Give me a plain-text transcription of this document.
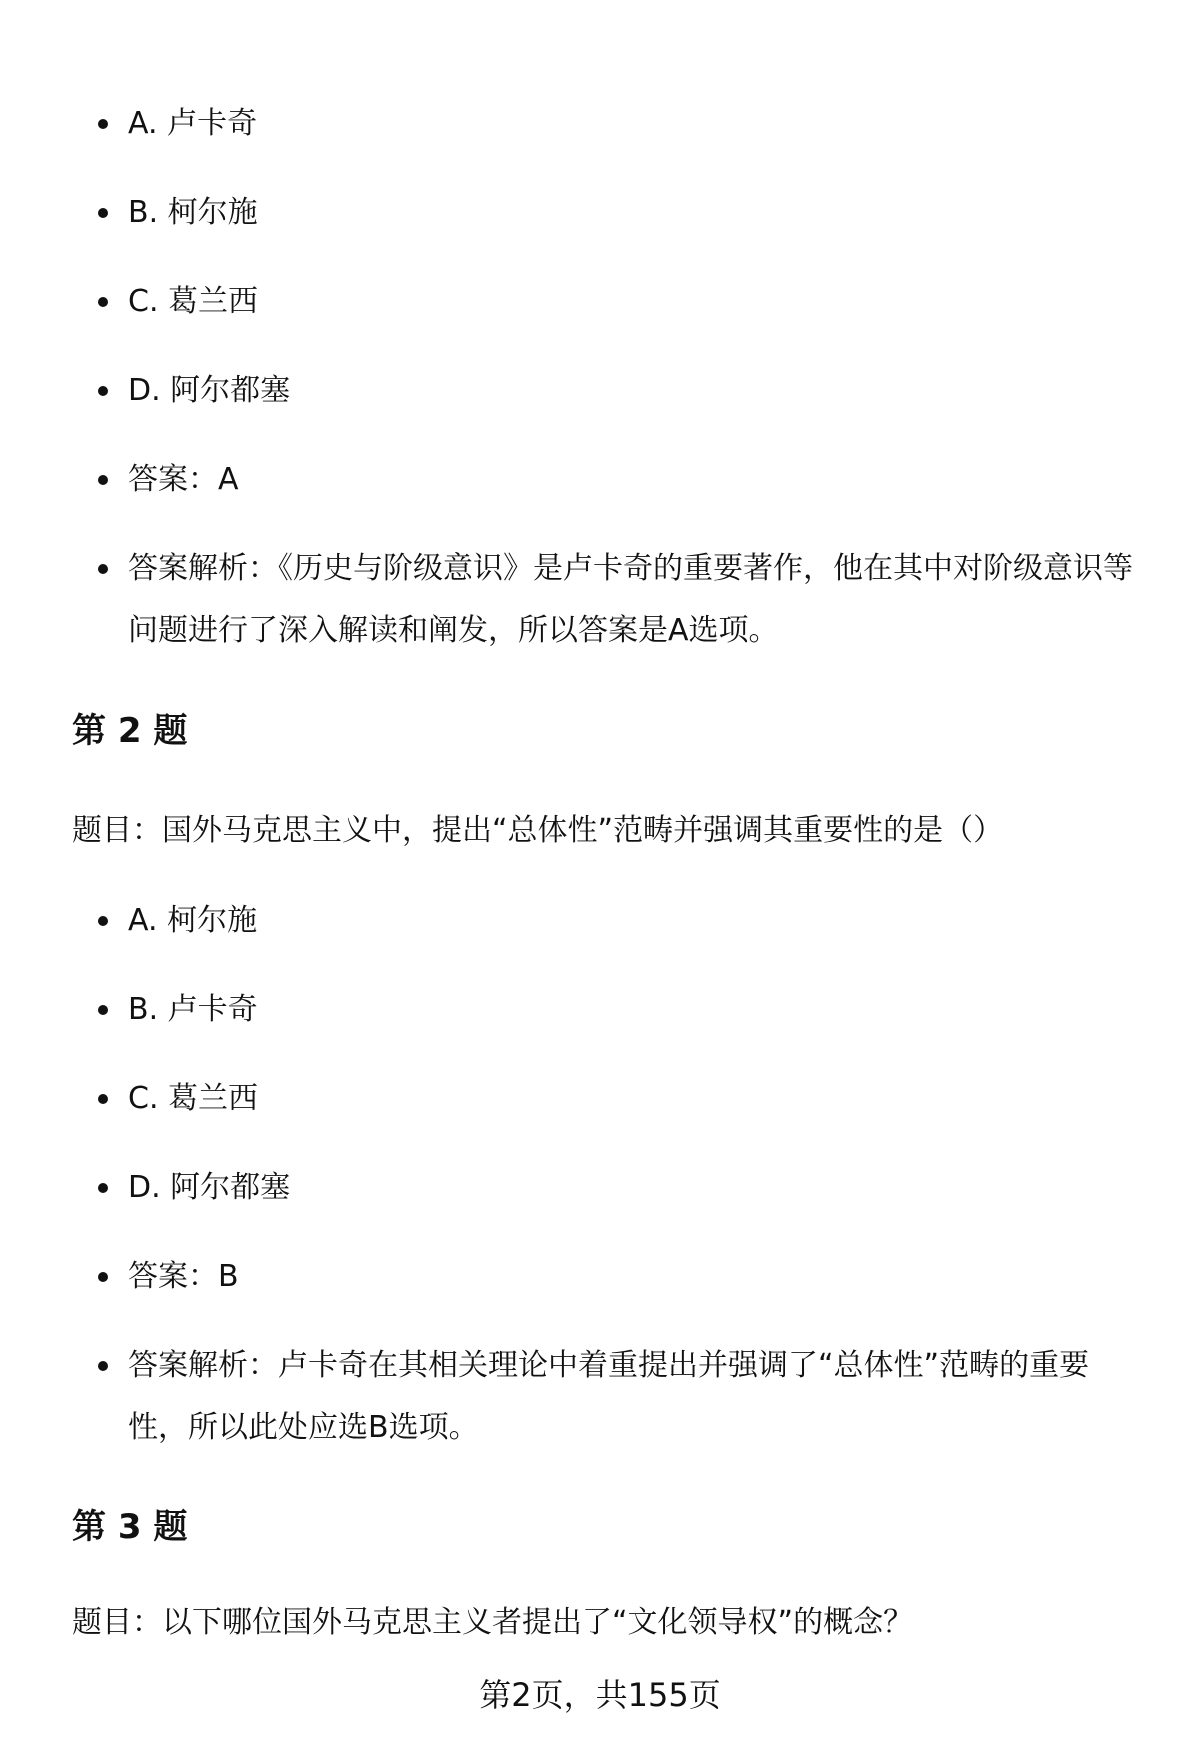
A. 卢卡奇
B. 柯尔施
C. 葛兰西
D. 阿尔都塞
答案：A
答案解析：《历史与阶级意识》是卢卡奇的重要著作，他在其中对阶级意识等问题进行了深入解读和阐发，所以答案是A选项。
第 2 题

题目：国外马克思主义中，提出“总体性”范畴并强调其重要性的是（）

A. 柯尔施
B. 卢卡奇
C. 葛兰西
D. 阿尔都塞
答案：B
答案解析：卢卡奇在其相关理论中着重提出并强调了“总体性”范畴的重要性，所以此处应选B选项。
第 3 题

题目：以下哪位国外马克思主义者提出了“文化领导权”的概念？

第2页，共155页
